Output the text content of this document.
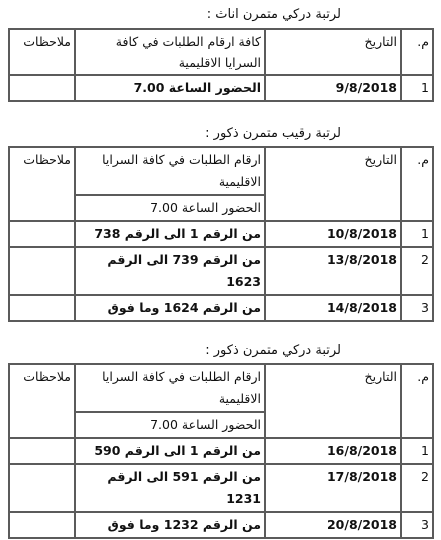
لرتبة دركي متمرن اناث :
م.	التاريخ	كافة ارقام الطلبات في كافة السرايا الاقليمية	ملاحظات
1	9/8/2018	الحضور الساعة 7.00	
لرتبة رقيب متمرن ذكور :
م.	التاريخ	ارقام الطلبات في كافة السرايا الاقليمية	ملاحظات
		الحضور الساعة 7.00	
1	10/8/2018	من الرقم 1 الى الرقم 738	
2	13/8/2018	من الرقم 739 الى الرقم 1623	
3	14/8/2018	من الرقم 1624 وما فوق	
لرتبة دركي متمرن ذكور :
م.	التاريخ	ارقام الطلبات في كافة السرايا الاقليمية	ملاحظات
		الحضور الساعة 7.00	
1	16/8/2018	من الرقم 1 الى الرقم 590	
2	17/8/2018	من الرقم 591 الى الرقم 1231	
3	20/8/2018	من الرقم 1232 وما فوق	
